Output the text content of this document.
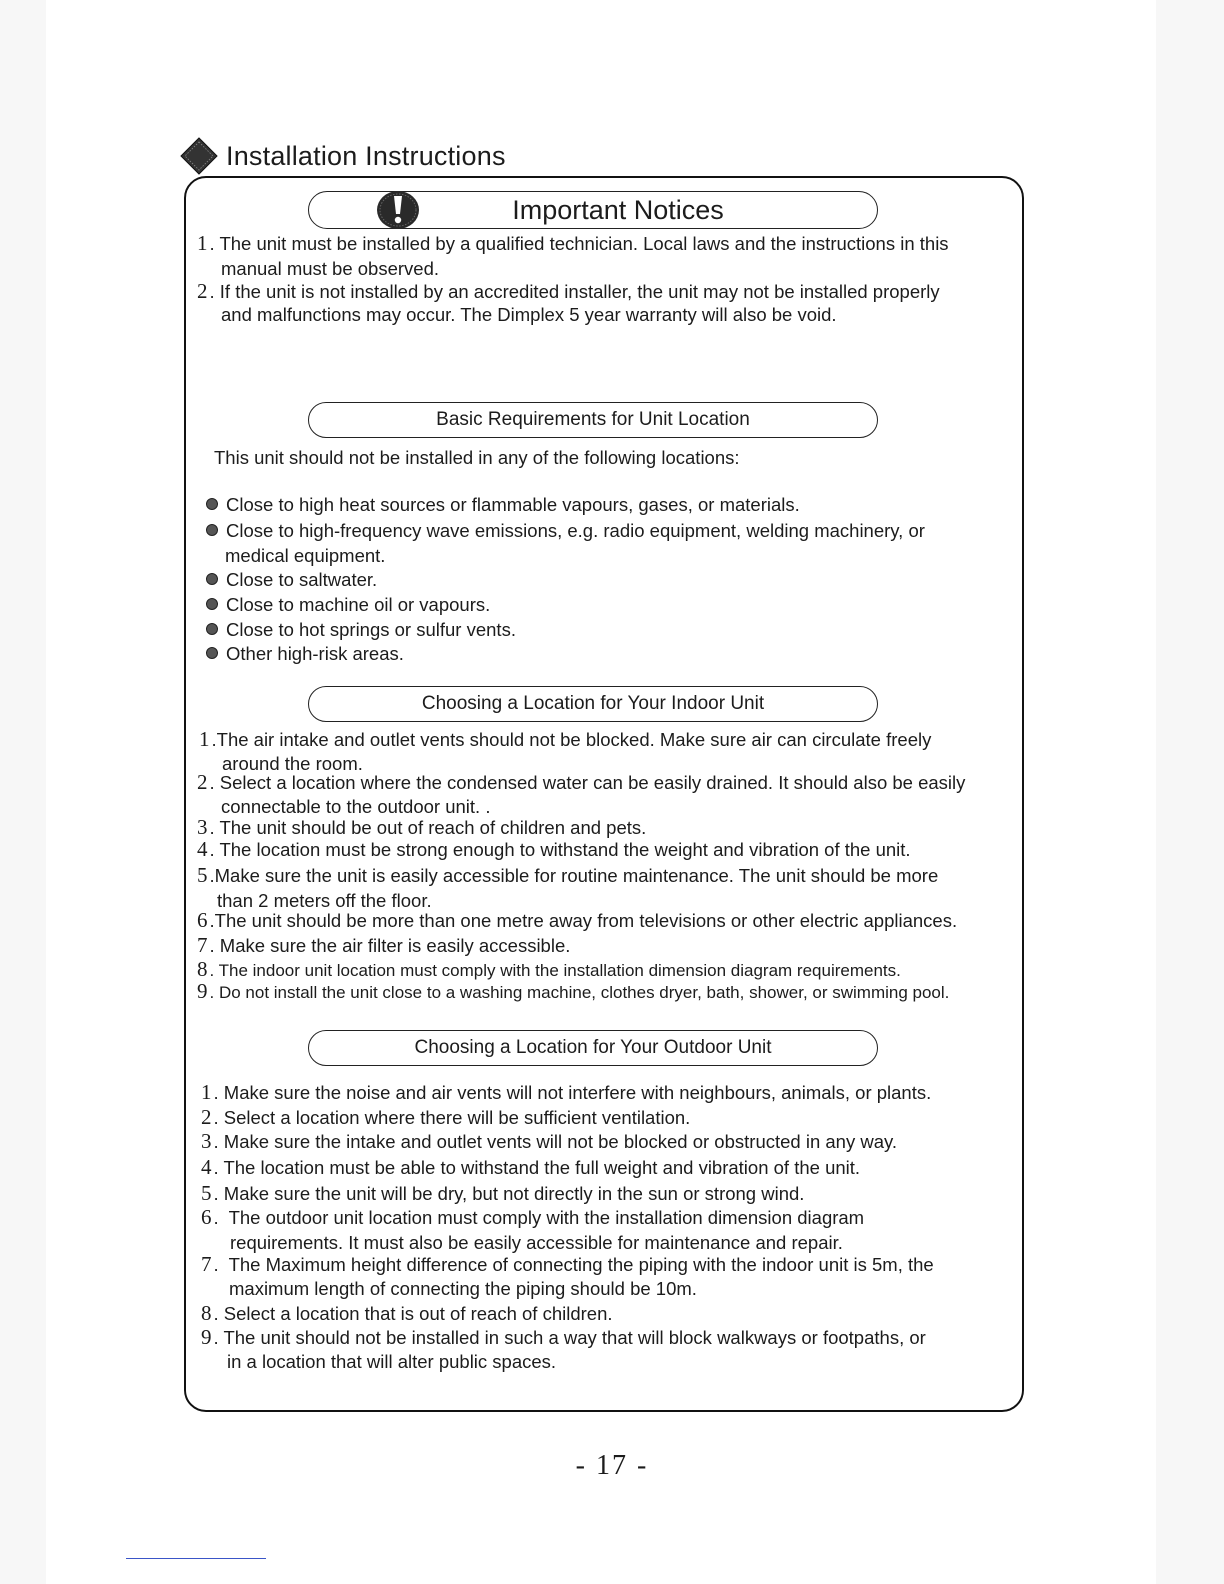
Installation Instructions
Important Notices
1 . The unit must be installed by a qualified technician. Local laws and the instructions in this
manual must be observed.
2 . If the unit is not installed by an accredited installer, the unit may not be installed properly
and malfunctions may occur. The Dimplex 5 year warranty will also be void.
Basic Requirements for Unit Location
This unit should not be installed in any of the following locations:
Close to high heat sources or flammable vapours, gases, or materials.
Close to high-frequency wave emissions, e.g. radio equipment, welding machinery, or
medical equipment.
Close to saltwater.
Close to machine oil or vapours.
Close to hot springs or sulfur vents.
Other high-risk areas.
Choosing a Location for Your Indoor Unit
1 .The air intake and outlet vents should not be blocked. Make sure air can circulate freely
around the room.
2 . Select a location where the condensed water can be easily drained. It should also be easily
connectable to the outdoor unit. .
3 . The unit should be out of reach of children and pets.
4 . The location must be strong enough to withstand the weight and vibration of the unit.
5 .Make sure the unit is easily accessible for routine maintenance. The unit should be more
than 2 meters off the floor.
6 .The unit should be more than one metre away from televisions or other electric appliances.
7 . Make sure the air filter is easily accessible.
8 . The indoor unit location must comply with the installation dimension diagram requirements.
9 . Do not install the unit close to a washing machine, clothes dryer, bath, shower, or swimming pool.
Choosing a Location for Your Outdoor Unit
1 . Make sure the noise and air vents will not interfere with neighbours, animals, or plants.
2 . Select a location where there will be sufficient ventilation.
3 . Make sure the intake and outlet vents will not be blocked or obstructed in any way.
4 . The location must be able to withstand the full weight and vibration of the unit.
5 . Make sure the unit will be dry, but not directly in the sun or strong wind.
6 .  The outdoor unit location must comply with the installation dimension diagram
requirements. It must also be easily accessible for maintenance and repair.
7 .  The Maximum height difference of connecting the piping with the indoor unit is 5m, the
maximum length of connecting the piping should be 10m.
8 . Select a location that is out of reach of children.
9 . The unit should not be installed in such a way that will block walkways or footpaths, or
in a location that will alter public spaces.
- 17 -
